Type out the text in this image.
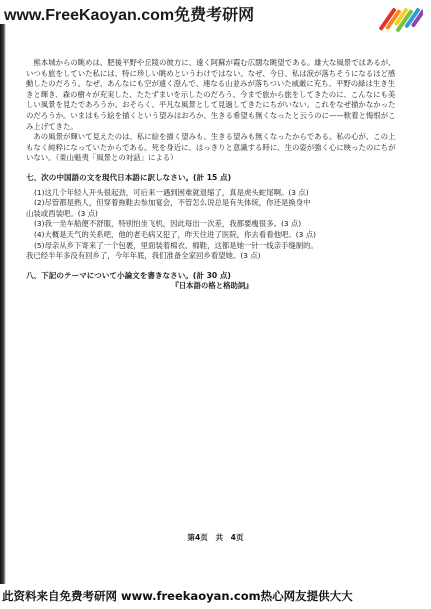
www.FreeKaoyan.com免费考研网

熊本城からの眺めは、肥後平野や丘陵の彼方に、遠く阿蘇が霞む広闊な眺望である。雄大な風景ではあるが、いつも旅をしていた私には、特に珍しい眺めというわけではない。なぜ、今日、私は涙が落ちそうになるほど感動したのだろう。なぜ、あんなにも空が遠く澄んで、連なる山並みが落ちついた威厳に充ち、平野の緑は生き生きと輝き、森の樹々が充実した、たたずまいを示したのだろう。今まで旅から旅をしてきたのに、こんなにも美しい風景を見たであろうか。おそらく、平凡な風景として見過してきたにちがいない。これをなぜ描かなかったのだろうか。いまはもう絵を描くという望みはおろか、生きる希望も無くなったと云うのに——軟着と悔恨がこみ上げてきた。

あの風景が輝いて見えたのは、私に絵を描く望みも、生きる望みも無くなったからである。私の心が、この上もなく純粋になっていたからである。死を身近に、はっきりと意識する時に、生の姿が強く心に映ったのにちがいない。（東山魁夷「風景との対話」による）

七、次の中国語の文を現代日本語に訳しなさい。(計 15 点)

(1)这几个年轻人开头很起劲，可后来一遇到困难就退缩了，真是虎头蛇尾啊。(3 点)

(2)尽管都是熟人，但穿着拖鞋去参加宴会，不管怎么说总是有失体统，你还是换身中

山装或西装吧。(3 点)

(3)我一坐车船便不舒服，特别怕坐飞机，因此每出一次差，我都要瘦很多。(3 点)

(4)大概是天气的关系吧，他的老毛病又犯了，昨天住进了医院，你去看看他吧。(3 点)

(5)母亲从乡下寄来了一个包裹，里面装着棉衣、棉鞋，这都是她一针一线亲手缝制的。

我已经半年多没有回乡了，今年年底，我们准备全家回乡看望她。(3 点)

八、下記のテーマについて小論文を書きなさい。(計 30 点)

『日本語の格と格助詞』

第4页　共　4页
此资料来自免费考研网 www.freekaoyan.com热心网友提供大大
